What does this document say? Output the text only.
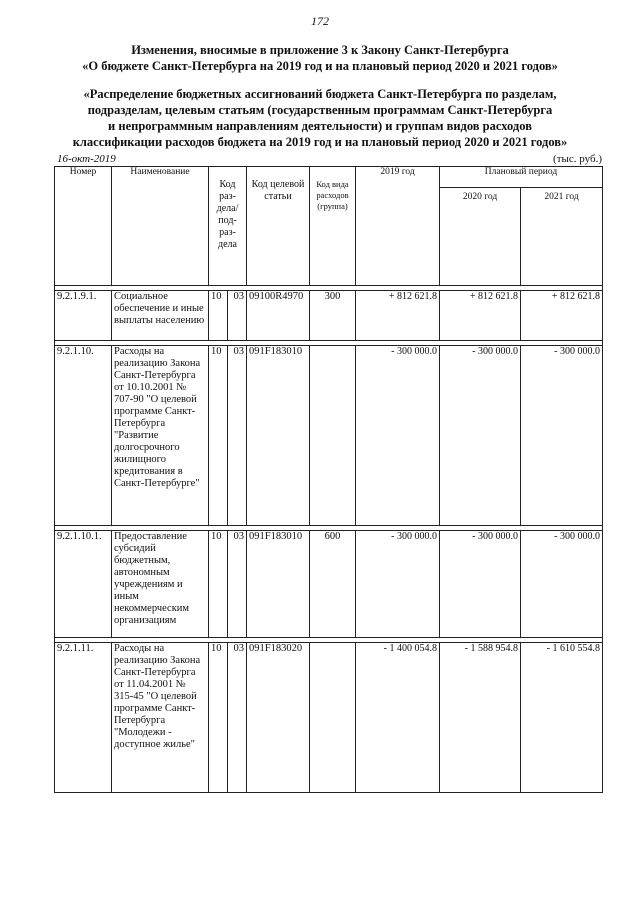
172
Изменения, вносимые в приложение 3 к Закону Санкт-Петербурга
«О бюджете Санкт-Петербурга на 2019 год и на плановый период 2020 и 2021 годов»
«Распределение бюджетных ассигнований бюджета Санкт-Петербурга по разделам,
подразделам, целевым статьям (государственным программам Санкт-Петербурга
и непрограммным направлениям деятельности) и группам видов расходов
классификации расходов бюджета на 2019 год и на плановый период 2020 и 2021 годов»
16-окт-2019	(тыс. руб.)
Номер	Наименование	Код раз- дела/ под- раз- дела		Код целевой статьи	Код вида расходов (группа)	2019 год	Плановый период	
							2020 год	2021 год

9.2.1.9.1.	Социальное обеспечение и иные выплаты населению	10	03	09100R4970	300	+ 812 621.8	+ 812 621.8	+ 812 621.8

9.2.1.10.	Расходы на реализацию Закона Санкт-Петербурга от 10.10.2001 № 707-90 "О целевой программе Санкт-Петербурга "Развитие долгосрочного жилищного кредитования в Санкт-Петербурге"	10	03	091F183010		- 300 000.0	- 300 000.0	- 300 000.0

9.2.1.10.1.	Предоставление субсидий бюджетным, автономным учреждениям и иным некоммерческим организациям	10	03	091F183010	600	- 300 000.0	- 300 000.0	- 300 000.0

9.2.1.11.	Расходы на реализацию Закона Санкт-Петербурга от 11.04.2001 № 315-45 "О целевой программе Санкт-Петербурга "Молодежи - доступное жилье"	10	03	091F183020		- 1 400 054.8	- 1 588 954.8	- 1 610 554.8
